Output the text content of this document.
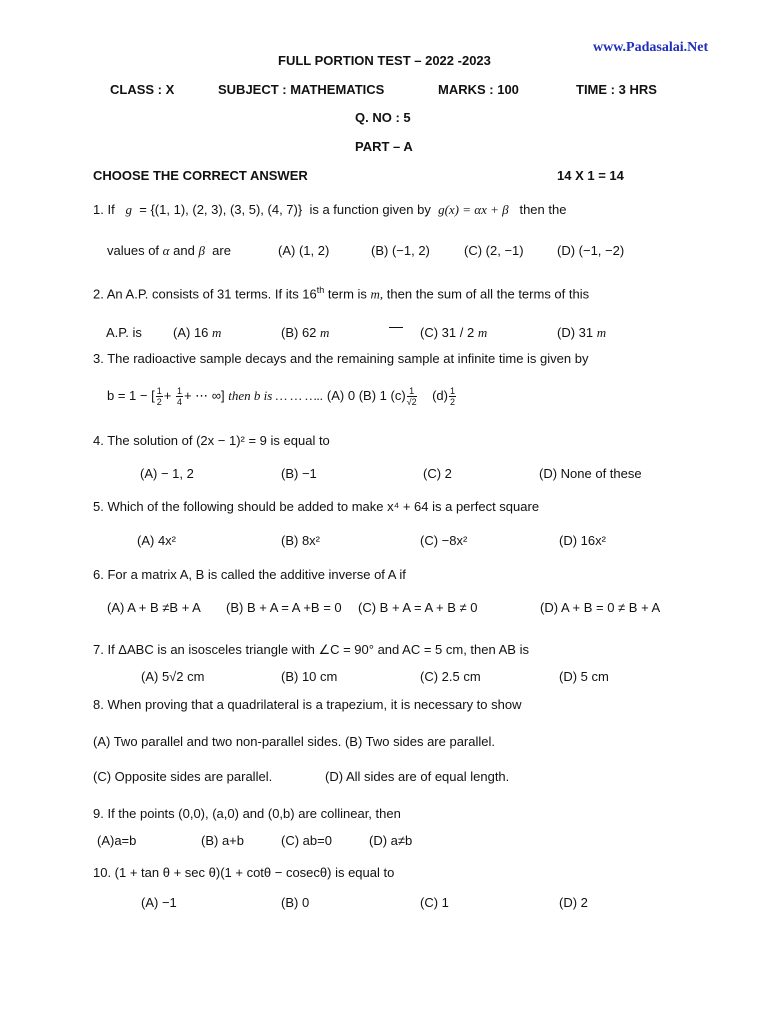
www.Padasalai.Net
FULL PORTION TEST – 2022 -2023
CLASS : X	SUBJECT : MATHEMATICS	MARKS : 100	TIME : 3 HRS
Q. NO : 5
PART – A
CHOOSE THE CORRECT ANSWER	14 X 1 = 14
1. If g = {(1, 1), (2, 3), (3, 5), (4, 7)} is a function given by g(x) = αx + β then the
values of α and β are	(A) (1, 2)	(B) (−1, 2)	(C) (2, −1)	(D) (−1, −2)
2. An A.P. consists of 31 terms. If its 16th term is m, then the sum of all the terms of this
A.P. is (A) 16 m	(B) 62 m	(C) 31 / 2 m	(D) 31 m
3. The radioactive sample decays and the remaining sample at infinite time is given by
b = 1 − [ $\frac{1}{2} + \frac{1}{4}$ + ⋯ ∞] then b is … … ….. (A) 0 (B) 1 $(c) \frac{1}{√2} (d) \frac{1}{2}$
4. The solution of (2x − 1)² = 9 is equal to
(A) − 1, 2	(B) −1	(C) 2	(D) None of these
5. Which of the following should be added to make x⁴ + 64 is a perfect square
(A) 4x²	(B) 8x²	(C) −8x²	(D) 16x²
6. For a matrix A, B is called the additive inverse of A if
(A) A + B ≠B + A (B) B + A = A +B = 0 (C) B + A = A + B ≠ 0	(D) A + B = 0 ≠ B + A
7. If ΔABC is an isosceles triangle with ∠C = 90° and AC = 5 cm, then AB is
(A) 5√2 cm	(B) 10 cm	(C) 2.5 cm	(D) 5 cm
8. When proving that a quadrilateral is a trapezium, it is necessary to show
(A) Two parallel and two non-parallel sides. (B) Two sides are parallel.
(C) Opposite sides are parallel.	(D) All sides are of equal length.
9. If the points (0,0), (a,0) and (0,b) are collinear, then
(A)a=b	(B) a+b	(C) ab=0	(D) a≠b
10. (1 + tan θ + sec θ)(1 + cotθ − cosecθ) is equal to
(A) −1	(B) 0	(C) 1	(D) 2
